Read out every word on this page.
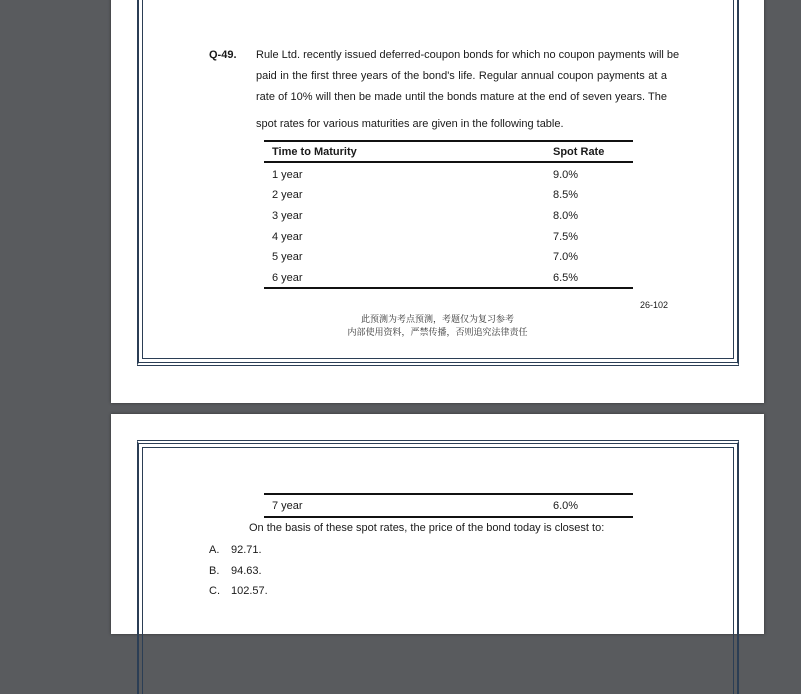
Q-49. Rule Ltd. recently issued deferred-coupon bonds for which no coupon payments will be
paid in the first three years of the bond's life. Regular annual coupon payments at a
rate of 10% will then be made until the bonds mature at the end of seven years. The
spot rates for various maturities are given in the following table.
Time to Maturity	Spot Rate
1 year	9.0%
2 year	8.5%
3 year	8.0%
4 year	7.5%
5 year	7.0%
6 year	6.5%
26-102
此预测为考点预测，考题仅为复习参考
内部使用资料，严禁传播，否则追究法律责任
7 year	6.0%
On the basis of these spot rates, the price of the bond today is closest to:
A. 92.71.
B. 94.63.
C. 102.57.
